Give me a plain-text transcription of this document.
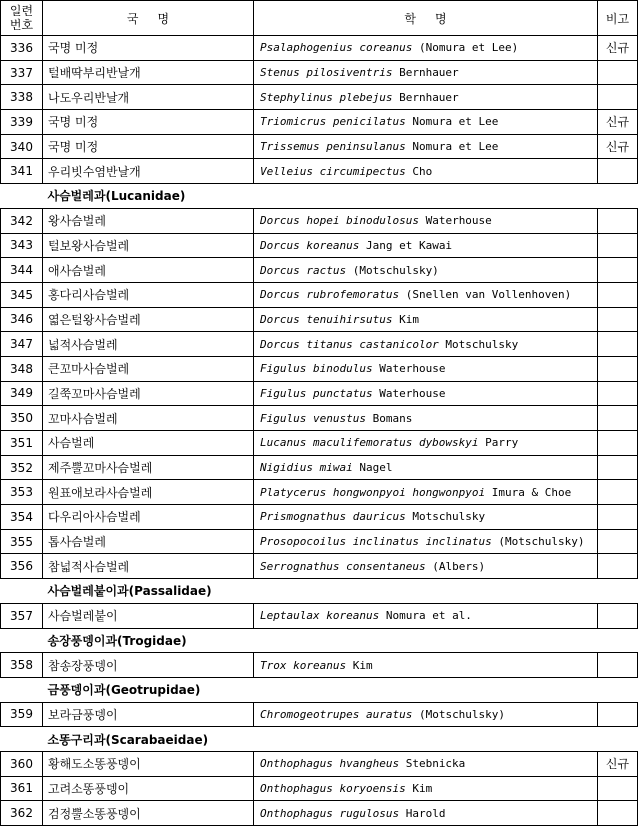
일련
번호	국     명	학     명	비고
336	국명 미정	Psalaphogenius coreanus (Nomura et Lee)	신규
337	털배딱부리반날개	Stenus pilosiventris Bernhauer	
338	나도우리반날개	Stephylinus plebejus Bernhauer	
339	국명 미정	Triomicrus penicilatus Nomura et Lee	신규
340	국명 미정	Trissemus peninsulanus Nomura et Lee	신규
341	우리빗수염반날개	Velleius circumipectus Cho	
	사슴벌레과(Lucanidae)		
342	왕사슴벌레	Dorcus hopei binodulosus Waterhouse	
343	털보왕사슴벌레	Dorcus koreanus Jang et Kawai	
344	애사슴벌레	Dorcus ractus (Motschulsky)	
345	홍다리사슴벌레	Dorcus rubrofemoratus (Snellen van Vollenhoven)	
346	엷은털왕사슴벌레	Dorcus tenuihirsutus Kim	
347	넓적사슴벌레	Dorcus titanus castanicolor Motschulsky	
348	큰꼬마사슴벌레	Figulus binodulus Waterhouse	
349	길쭉꼬마사슴벌레	Figulus punctatus Waterhouse	
350	꼬마사슴벌레	Figulus venustus Bomans	
351	사슴벌레	Lucanus maculifemoratus dybowskyi Parry	
352	제주뿔꼬마사슴벌레	Nigidius miwai Nagel	
353	원표애보라사슴벌레	Platycerus hongwonpyoi hongwonpyoi Imura & Choe	
354	다우리아사슴벌레	Prismognathus dauricus Motschulsky	
355	톱사슴벌레	Prosopocoilus inclinatus inclinatus (Motschulsky)	
356	참넓적사슴벌레	Serrognathus consentaneus (Albers)	
	사슴벌레붙이과(Passalidae)		
357	사슴벌레붙이	Leptaulax koreanus Nomura et al.	
	송장풍뎅이과(Trogidae)		
358	참송장풍뎅이	Trox koreanus Kim	
	금풍뎅이과(Geotrupidae)		
359	보라금풍뎅이	Chromogeotrupes auratus (Motschulsky)	
	소똥구리과(Scarabaeidae)		
360	황해도소똥풍뎅이	Onthophagus hvangheus Stebnicka	신규
361	고려소똥풍뎅이	Onthophagus koryoensis Kim	
362	검정뿔소똥풍뎅이	Onthophagus rugulosus Harold	
